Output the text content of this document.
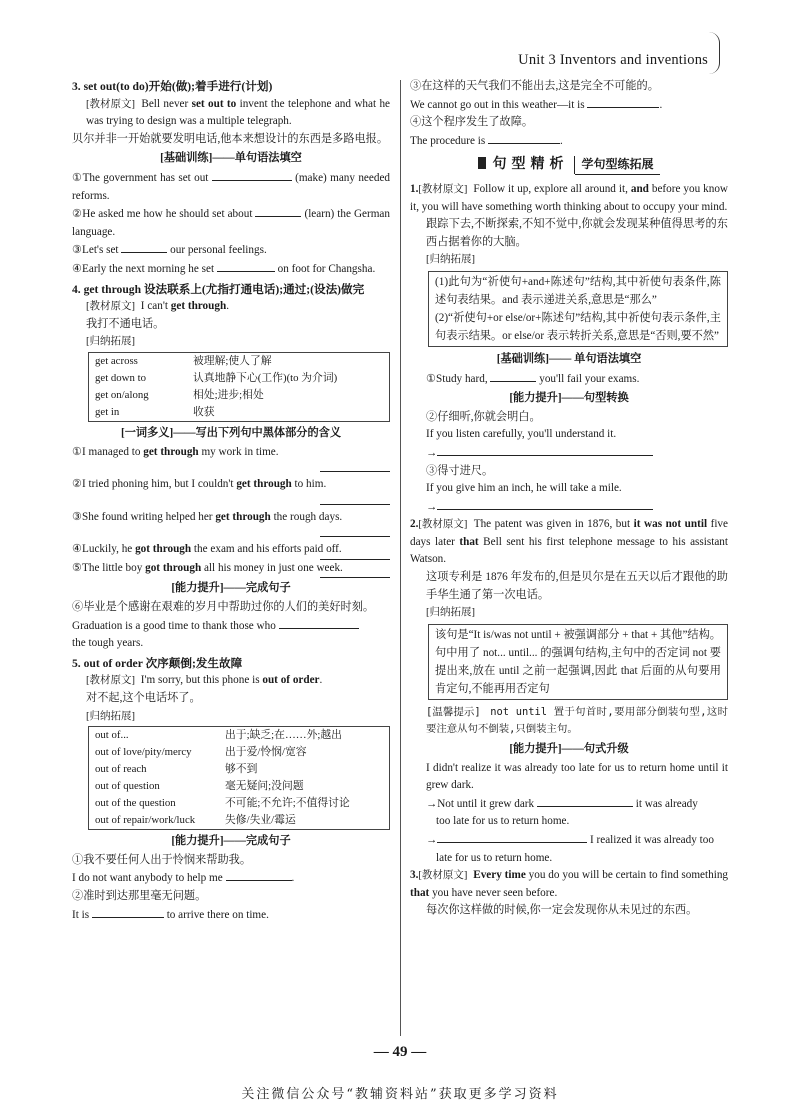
Unit 3 Inventors and inventions

3. set out(to do)开始(做);着手进行(计划)

[ 教材原文 ] Bell never set out to invent the telephone and what he was trying to design was a multiple telegraph.

贝尔并非一开始就要发明电话,他本来想设计的东西是多路电报。

[基础训练]——单句语法填空

①The government has set out	(make) many needed reforms.

②He asked me how he should set about	(learn) the German language.

③Let's set	our personal feelings.

④Early the next morning he set	on foot for Changsha.

4. get through 设法联系上(尤指打通电话);通过;(设法)做完

[ 教材原文 ] I can't get through.

我打不通电话。

[ 归纳拓展 ]

get across	被理解;使人了解
get down to	认真地静下心(工作)(to 为介词)
get on/along	相处;进步;相处
get in	收获

[一词多义]——写出下列句中黑体部分的含义

①I managed to get through my work in time.

②I tried phoning him, but I couldn't get through to him.

③She found writing helped her get through the rough days.

④Luckily, he got through the exam and his efforts paid off.

⑤The little boy got through all his money in just one week.

[能力提升]——完成句子

⑥毕业是个感谢在艰难的岁月中帮助过你的人们的美好时刻。

Graduation is a good time to thank those who
the tough years.

5. out of order 次序颠倒;发生故障

[ 教材原文 ] I'm sorry, but this phone is out of order.

对不起,这个电话坏了。

[ 归纳拓展 ]

out of...	出于;缺乏;在……外;越出
out of love/pity/mercy	出于爱/怜悯/宽容
out of reach	够不到
out of question	毫无疑问;没问题
out of the question	不可能;不允许;不值得讨论
out of repair/work/luck	失修/失业/霉运

[能力提升]——完成句子

①我不要任何人出于怜悯来帮助我。

I do not want anybody to help me	.

②准时到达那里毫无问题。

It is	to arrive there on time.

③在这样的天气我们不能出去,这是完全不可能的。

We cannot go out in this weather—it is	.

④这个程序发生了故障。

The procedure is	.

句型精析 学句型练拓展

1. [ 教材原文 ] Follow it up, explore all around it, and before you know it, you will have something worth thinking about to occupy your mind.

跟踪下去,不断探索,不知不觉中,你就会发现某种值得思考的东西占据着你的大脑。

[ 归纳拓展 ]

(1)此句为“祈使句+and+陈述句”结构,其中祈使句表条件,陈述句表结果。and 表示递进关系,意思是“那么”

(2)“祈使句+or else/or+陈述句”结构,其中祈使句表示条件,主句表示结果。or else/or 表示转折关系,意思是“否则,要不然”

[基础训练]—— 单句语法填空

①Study hard,	you'll fail your exams.

[能力提升]——句型转换

②仔细听,你就会明白。

If you listen carefully, you'll understand it.

→

③得寸进尺。

If you give him an inch, he will take a mile.

→

2. [ 教材原文 ] The patent was given in 1876, but it was not until five days later that Bell sent his first telephone message to his assistant Watson.

这项专利是 1876 年发布的,但是贝尔是在五天以后才跟他的助手华生通了第一次电话。

[ 归纳拓展 ]

该句是“It is/was not until + 被强调部分 + that + 其他”结构。句中用了 not... until... 的强调句结构,主句中的否定词 not 要提出来,放在 until 之前一起强调,因此 that 后面的从句要用肯定句,不能再用否定句

[ 温馨提示 ] not until 置于句首时,要用部分倒装句型,这时要注意从句不倒装,只倒装主句。

[能力提升]——句式升级

I didn't realize it was already too late for us to return home until it grew dark.

→Not until it grew dark	it was already

too late for us to return home.

→	I realized it was already too

late for us to return home.

3. [ 教材原文 ] Every time you do you will be certain to find something that you have never seen before.

每次你这样做的时候,你一定会发现你从未见过的东西。

— 49 —
关注微信公众号“教辅资料站”获取更多学习资料
